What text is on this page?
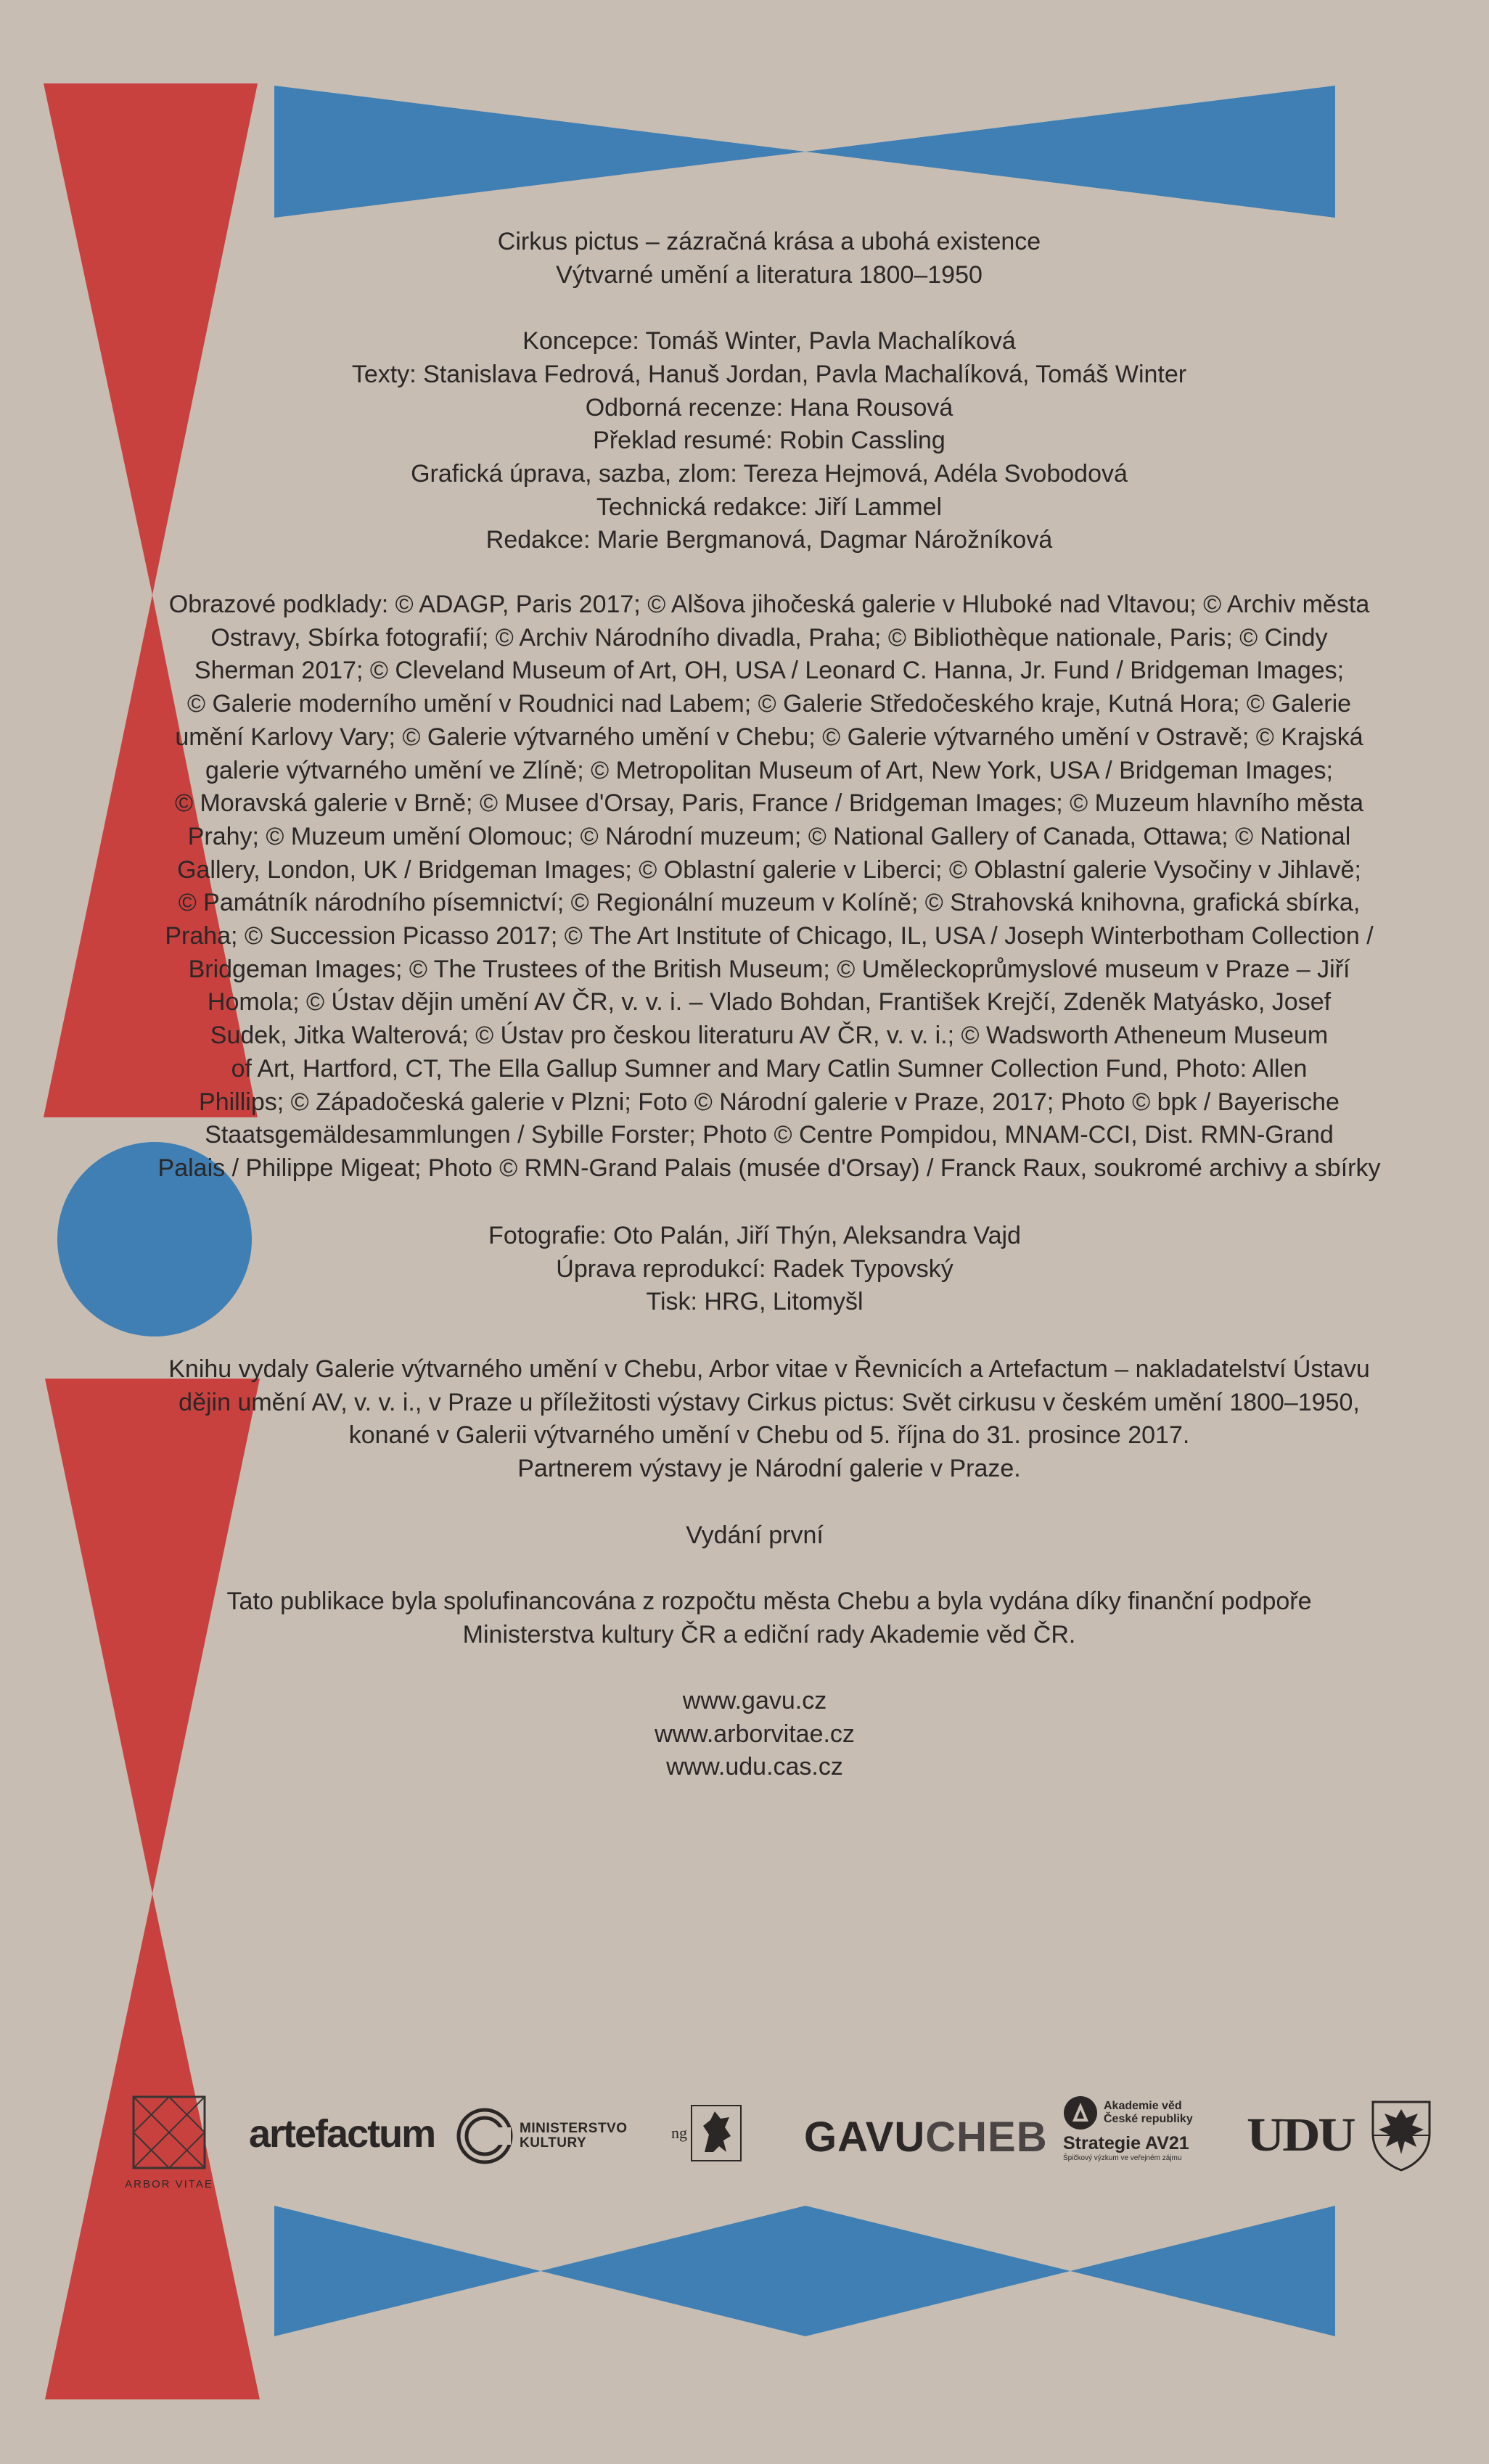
Cirkus pictus – zázračná krása a ubohá existence
Výtvarné umění a literatura 1800–1950

Koncepce: Tomáš Winter, Pavla Machalíková
Texty: Stanislava Fedrová, Hanuš Jordan, Pavla Machalíková, Tomáš Winter
Odborná recenze: Hana Rousová
Překlad resumé: Robin Cassling
Grafická úprava, sazba, zlom: Tereza Hejmová, Adéla Svobodová
Technická redakce: Jiří Lammel
Redakce: Marie Bergmanová, Dagmar Nárožníková
Obrazové podklady: © ADAGP, Paris 2017; © Alšova jihočeská galerie v Hluboké nad Vltavou; © Archiv města
Ostravy, Sbírka fotografií; © Archiv Národního divadla, Praha; © Bibliothèque nationale, Paris; © Cindy
Sherman 2017; © Cleveland Museum of Art, OH, USA / Leonard C. Hanna, Jr. Fund / Bridgeman Images;
© Galerie moderního umění v Roudnici nad Labem; © Galerie Středočeského kraje, Kutná Hora; © Galerie
umění Karlovy Vary; © Galerie výtvarného umění v Chebu; © Galerie výtvarného umění v Ostravě; © Krajská
galerie výtvarného umění ve Zlíně; © Metropolitan Museum of Art, New York, USA / Bridgeman Images;
© Moravská galerie v Brně; © Musee d'Orsay, Paris, France / Bridgeman Images; © Muzeum hlavního města
Prahy; © Muzeum umění Olomouc; © Národní muzeum; © National Gallery of Canada, Ottawa; © National
Gallery, London, UK / Bridgeman Images; © Oblastní galerie v Liberci; © Oblastní galerie Vysočiny v Jihlavě;
© Památník národního písemnictví; © Regionální muzeum v Kolíně; © Strahovská knihovna, grafická sbírka,
Praha; © Succession Picasso 2017; © The Art Institute of Chicago, IL, USA / Joseph Winterbotham Collection /
Bridgeman Images; © The Trustees of the British Museum; © Uměleckoprůmyslové museum v Praze – Jiří
Homola; © Ústav dějin umění AV ČR, v. v. i. – Vlado Bohdan, František Krejčí, Zdeněk Matyásko, Josef
Sudek, Jitka Walterová; © Ústav pro českou literaturu AV ČR, v. v. i.; © Wadsworth Atheneum Museum
of Art, Hartford, CT, The Ella Gallup Sumner and Mary Catlin Sumner Collection Fund, Photo: Allen
Phillips; © Západočeská galerie v Plzni; Foto © Národní galerie v Praze, 2017; Photo © bpk / Bayerische
Staatsgemäldesammlungen / Sybille Forster; Photo © Centre Pompidou, MNAM-CCI, Dist. RMN-Grand
Palais / Philippe Migeat; Photo © RMN-Grand Palais (musée d'Orsay) / Franck Raux, soukromé archivy a sbírky
Fotografie: Oto Palán, Jiří Thýn, Aleksandra Vajd
Úprava reprodukcí: Radek Typovský
Tisk: HRG, Litomyšl
Knihu vydaly Galerie výtvarného umění v Chebu, Arbor vitae v Řevnicích a Artefactum – nakladatelství Ústavu
dějin umění AV, v. v. i., v Praze u příležitosti výstavy Cirkus pictus: Svět cirkusu v českém umění 1800–1950,
konané v Galerii výtvarného umění v Chebu od 5. října do 31. prosince 2017.
Partnerem výstavy je Národní galerie v Praze.
Vydání první
Tato publikace byla spolufinancována z rozpočtu města Chebu a byla vydána díky finanční podpoře
Ministerstva kultury ČR a ediční rady Akademie věd ČR.
www.gavu.cz
www.arborvitae.cz
www.udu.cas.cz
ARBOR VITAE
artefactum	MINISTERSTVO
KULTURY
ng	GAVUCHEB
Akademie věd
České republiky
Strategie AV21
Špičkový výzkum ve veřejném zájmu	UDU
